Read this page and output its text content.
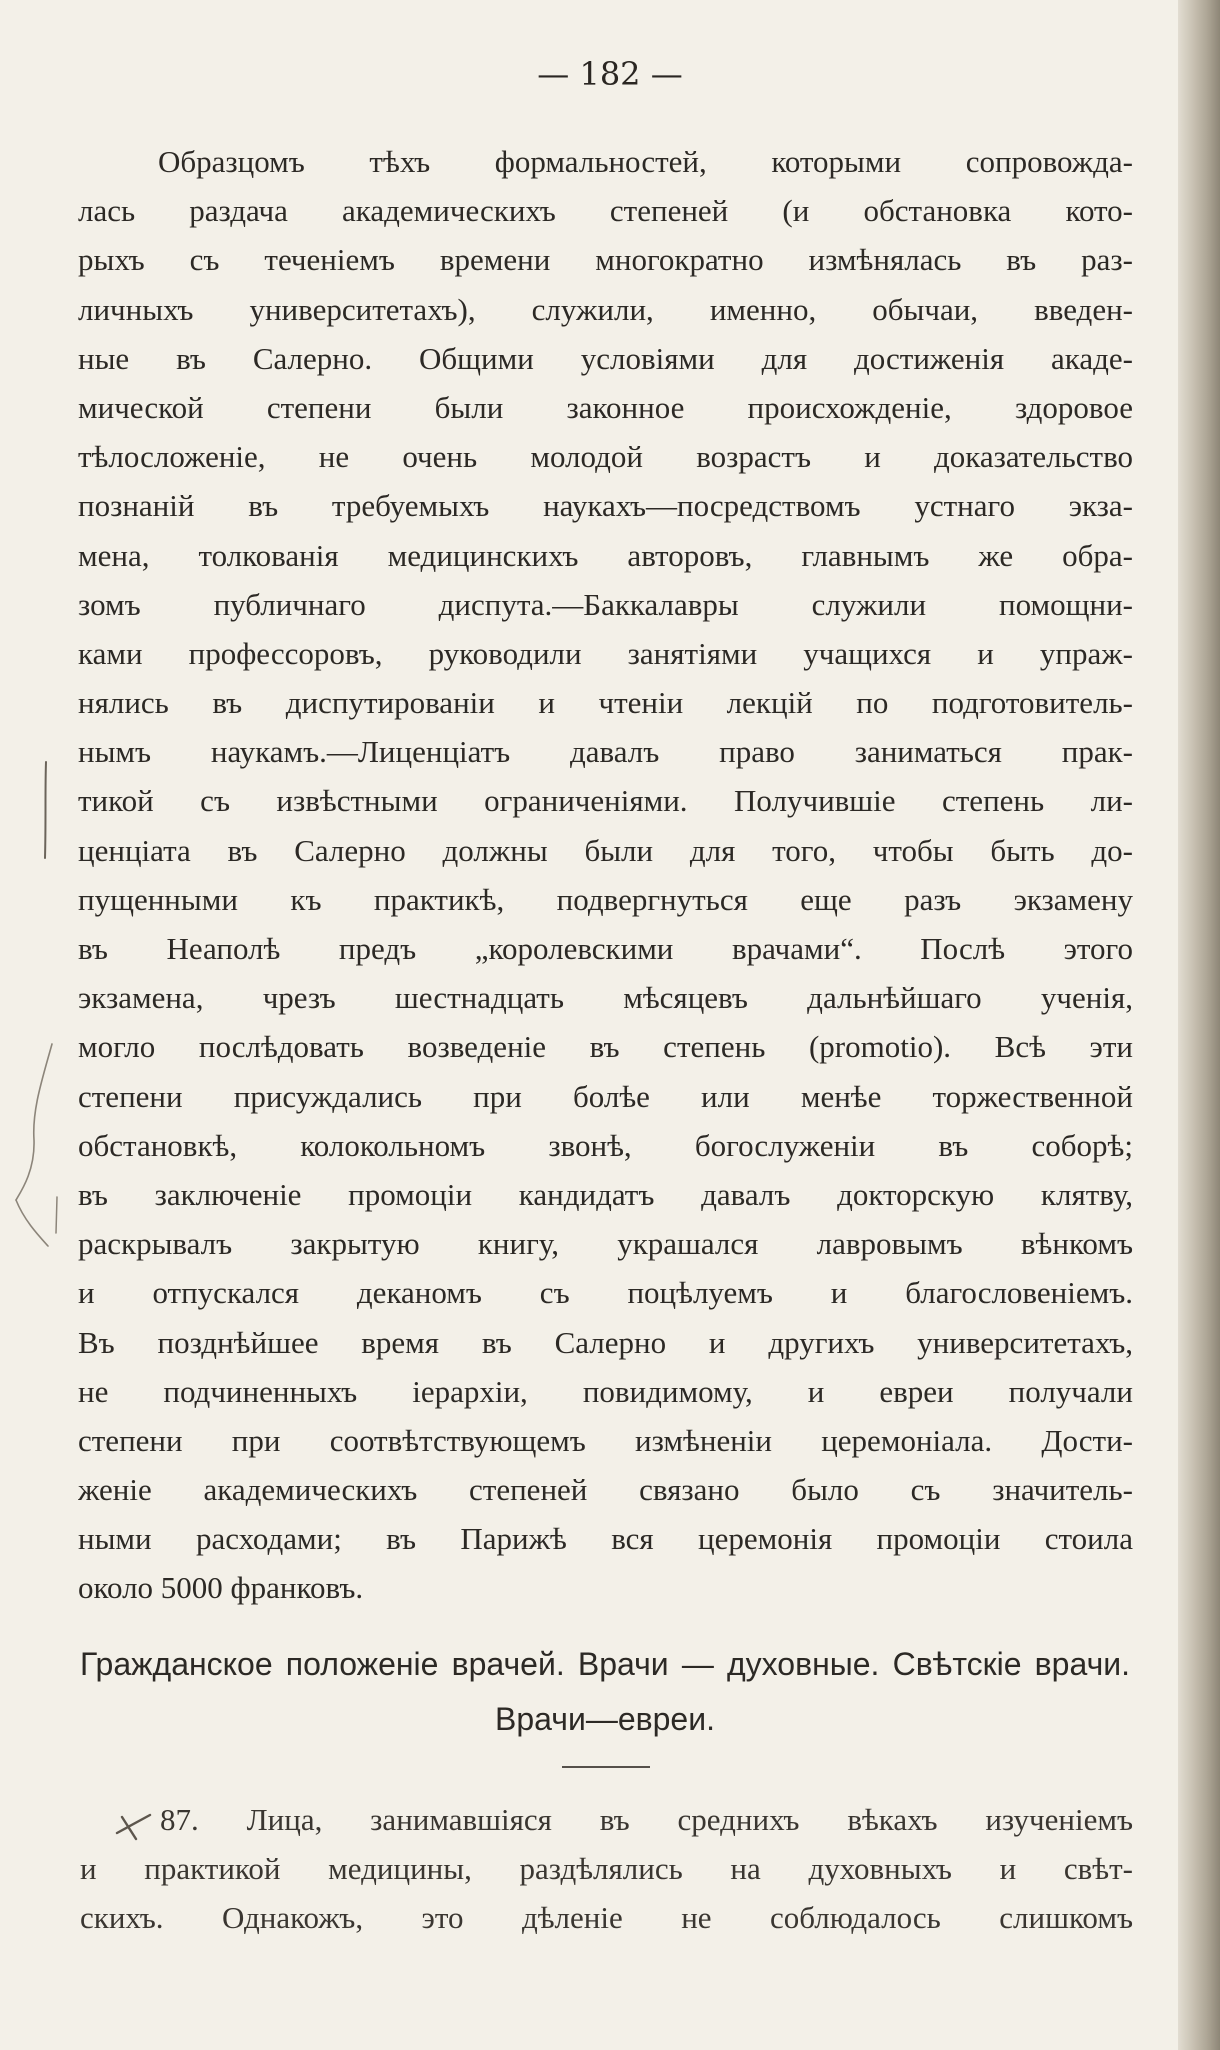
— 182 —
Образцомъ тѣхъ формальностей, которыми сопровожда-
лась раздача академическихъ степеней (и обстановка кото-
рыхъ съ теченіемъ времени многократно измѣнялась въ раз-
личныхъ университетахъ), служили, именно, обычаи, введен-
ные въ Салерно. Общими условіями для достиженія акаде-
мической степени были законное происхожденіе, здоровое
тѣлосложеніе, не очень молодой возрастъ и доказательство
познаній въ требуемыхъ наукахъ—посредствомъ устнаго экза-
мена, толкованія медицинскихъ авторовъ, главнымъ же обра-
зомъ публичнаго диспута.—Баккалавры служили помощни-
ками профессоровъ, руководили занятіями учащихся и упраж-
нялись въ диспутированіи и чтеніи лекцій по подготовитель-
нымъ наукамъ.—Лиценціатъ давалъ право заниматься прак-
тикой съ извѣстными ограниченіями. Получившіе степень ли-
ценціата въ Салерно должны были для того, чтобы быть до-
пущенными къ практикѣ, подвергнуться еще разъ экзамену
въ Неаполѣ предъ „королевскими врачами“. Послѣ этого
экзамена, чрезъ шестнадцать мѣсяцевъ дальнѣйшаго ученія,
могло послѣдовать возведеніе въ степень (promotio). Всѣ эти
степени присуждались при болѣе или менѣе торжественной
обстановкѣ, колокольномъ звонѣ, богослуженіи въ соборѣ;
въ заключеніе промоціи кандидатъ давалъ докторскую клятву,
раскрывалъ закрытую книгу, украшался лавровымъ вѣнкомъ
и отпускался деканомъ съ поцѣлуемъ и благословеніемъ.
Въ позднѣйшее время въ Салерно и другихъ университетахъ,
не подчиненныхъ іерархіи, повидимому, и евреи получали
степени при соотвѣтствующемъ измѣненіи церемоніала. Дости-
женіе академическихъ степеней связано было съ значитель-
ными расходами; въ Парижѣ вся церемонія промоціи стоила
около 5000 франковъ.
Гражданское положеніе врачей. Врачи — духовные. Свѣтскіе врачи.
Врачи—евреи.
87. Лица, занимавшіяся въ среднихъ вѣкахъ изученіемъ
и практикой медицины, раздѣлялись на духовныхъ и свѣт-
скихъ. Однакожъ, это дѣленіе не соблюдалось слишкомъ
